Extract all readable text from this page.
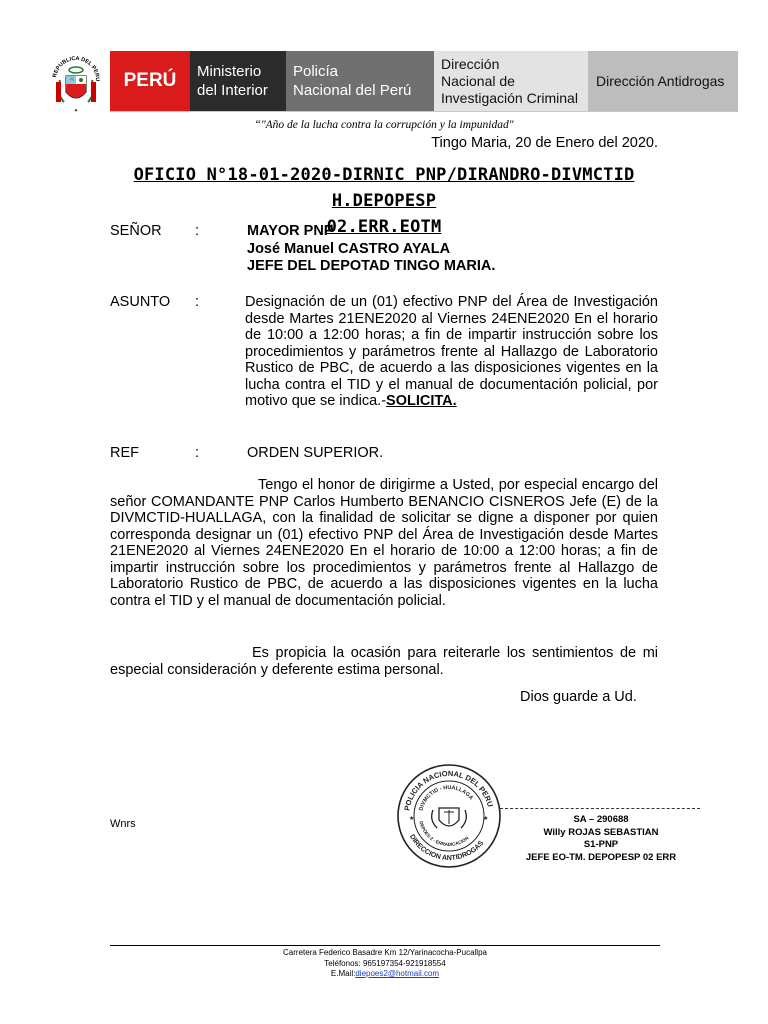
REPUBLICA DEL PERU
✦
PERÚ Ministerio
del Interior
Policía
Nacional del Perú
Dirección
Nacional de
Investigación Criminal
Dirección Antidrogas
“"Año de la lucha contra la corrupción y la impunidad"
Tingo Maria, 20 de Enero del 2020.
OFICIO N°18-01-2020-DIRNIC PNP/DIRANDRO-DIVMCTID H.DEPOPESP
02.ERR.EOTM
SEÑOR :	MAYOR PNP
José Manuel CASTRO AYALA
JEFE DEL DEPOTAD TINGO MARIA.
ASUNTO :	Designación de un (01) efectivo PNP del Área de Investigación desde Martes 21ENE2020 al Viernes 24ENE2020 En el horario de 10:00 a 12:00 horas; a fin de impartir instrucción sobre los procedimientos y parámetros frente al Hallazgo de Laboratorio Rustico de PBC, de acuerdo a las disposiciones vigentes en la lucha contra el TID y el manual de documentación policial, por motivo que se indica.-SOLICITA.
REF	:	ORDEN SUPERIOR.
Tengo el honor de dirigirme a Usted, por especial encargo del señor COMANDANTE PNP Carlos Humberto BENANCIO CISNEROS Jefe (E) de la DIVMCTID-HUALLAGA, con la finalidad de solicitar se digne a disponer por quien corresponda designar un (01) efectivo PNP del Área de Investigación desde Martes 21ENE2020 al Viernes 24ENE2020 En el horario de 10:00 a 12:00 horas; a fin de impartir instrucción sobre los procedimientos y parámetros frente al Hallazgo de Laboratorio Rustico de PBC, de acuerdo a las disposiciones vigentes en la lucha contra el TID y el manual de documentación policial.
Es propicia la ocasión para reiterarle los sentimientos de mi especial consideración y deferente estima personal.
Dios guarde a Ud.
POLICIA NACIONAL DEL PERU
DIRECCION ANTIDROGAS
DIVMCTID - HUALLAGA
DEPOES 2 - ERRADICACION
★	★	SA – 290688
Willy ROJAS SEBASTIAN
S1-PNP
JEFE EO-TM. DEPOPESP 02 ERR
Wnrs
Carretera Federico Basadre Km 12/Yarinacocha-Pucallpa
Teléfonos: 965197354-921918554
E.Mail:diepoes2@hotmail.com
